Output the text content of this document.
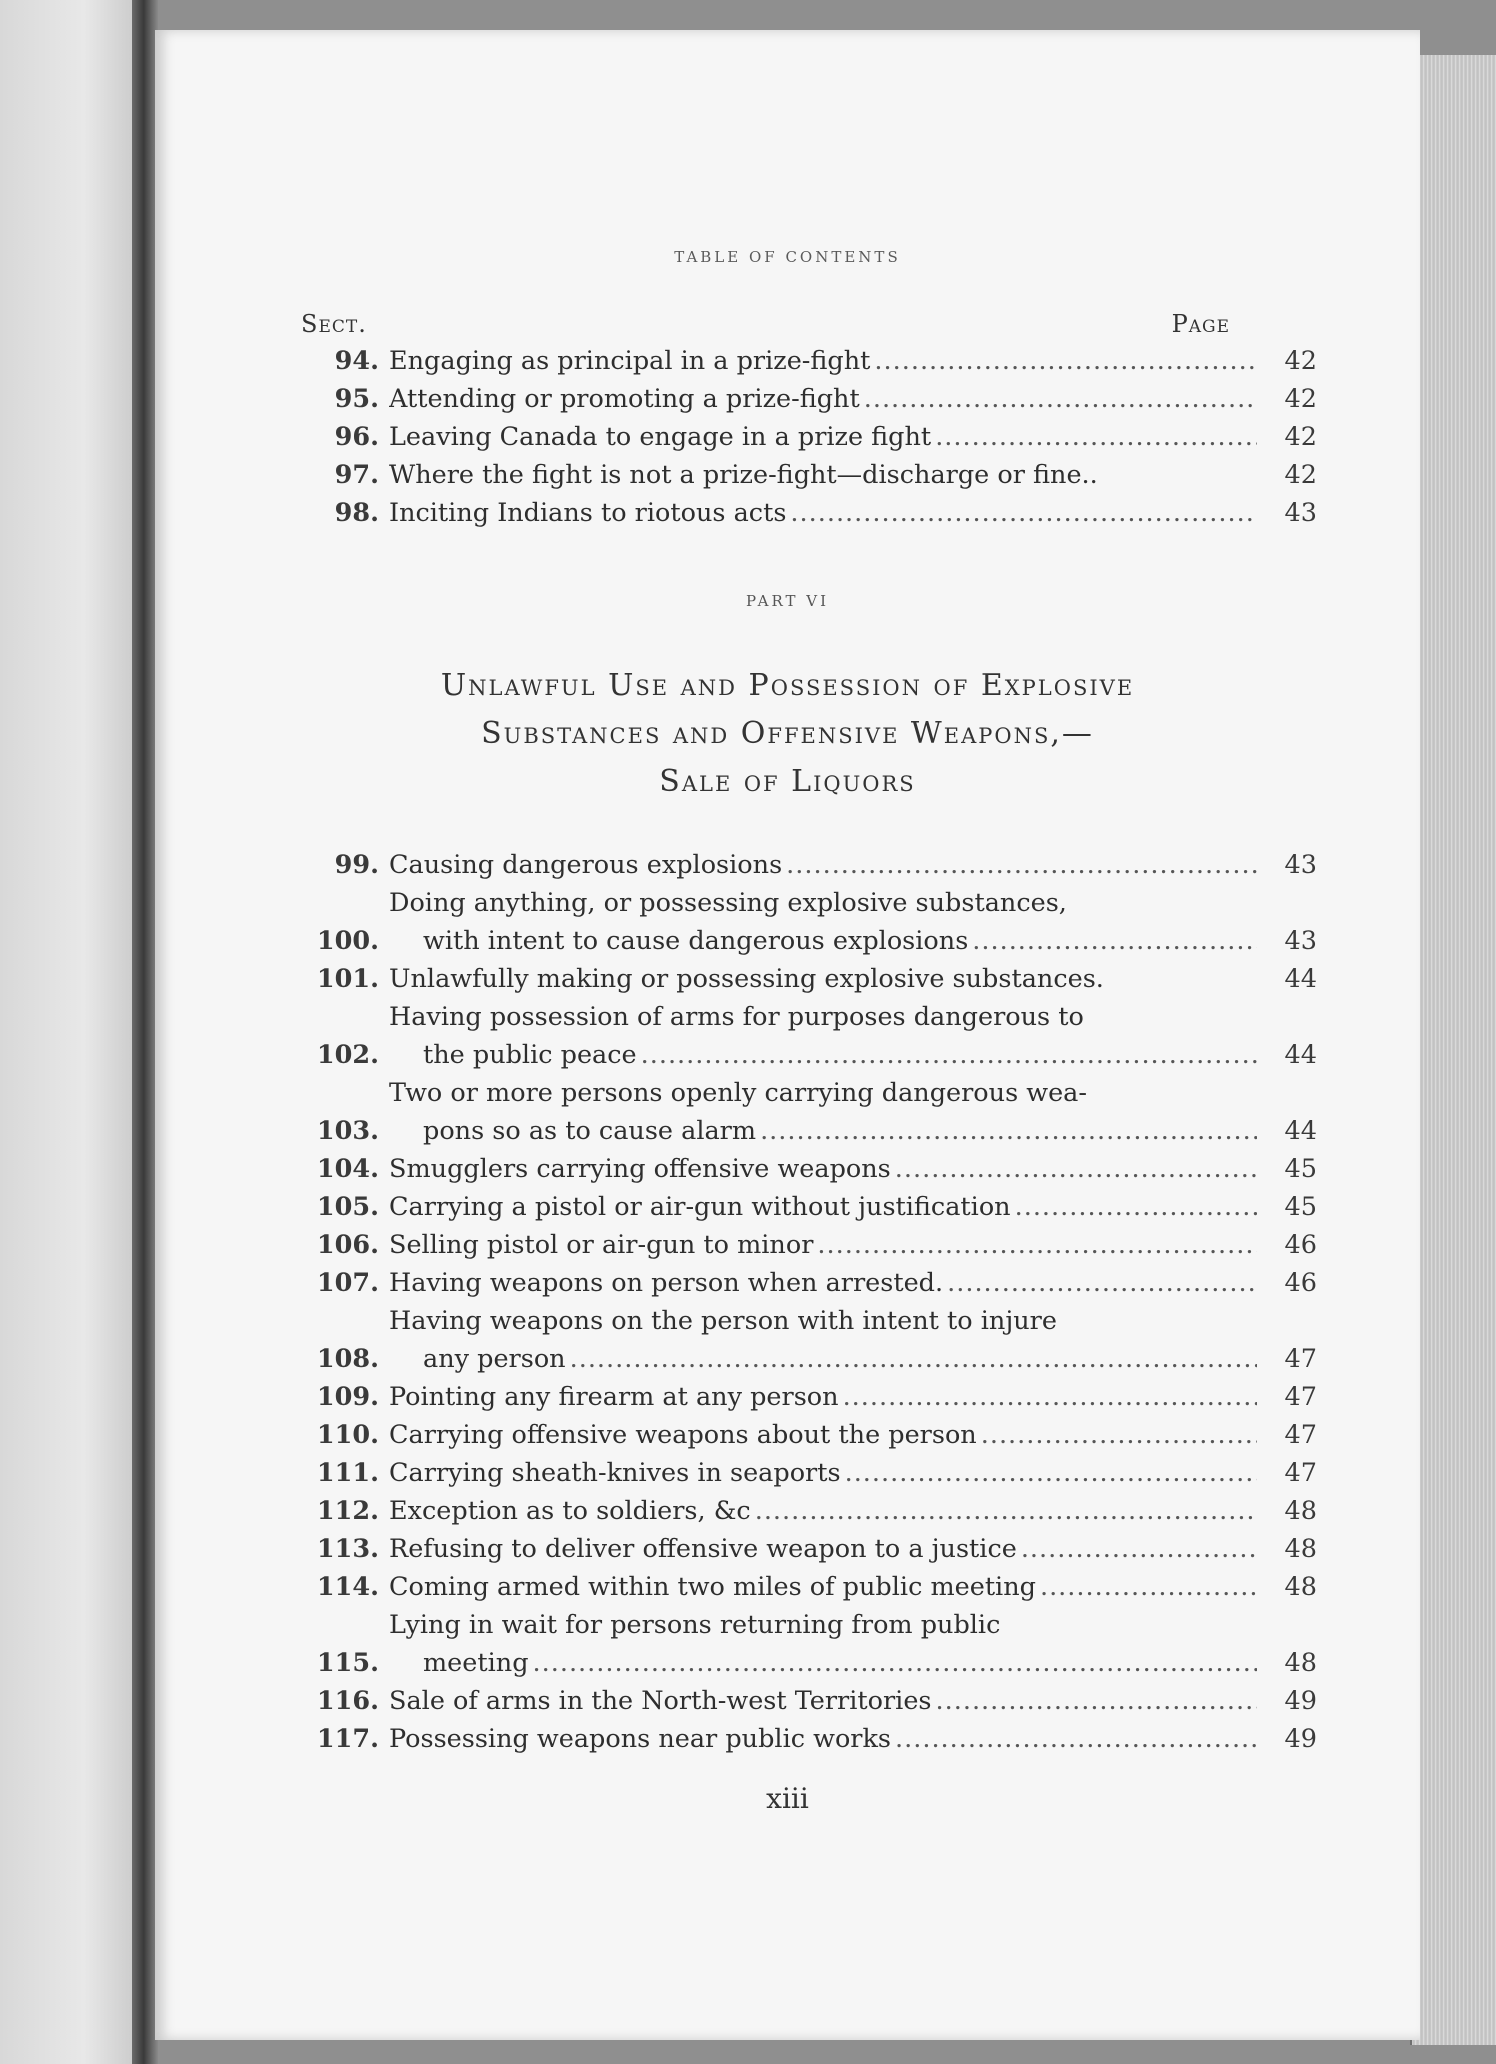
TABLE OF CONTENTS
Sect.	Page
94. Engaging as principal in a prize-fight .....	42
95. Attending or promoting a prize-fight .....	42
96. Leaving Canada to engage in a prize fight .....	42
97. Where the fight is not a prize-fight—discharge or fine..	42
98. Inciting Indians to riotous acts .....	43
PART VI
Unlawful Use and Possession of Explosive
Substances and Offensive Weapons,—
Sale of Liquors
99. Causing dangerous explosions .....	43
100.
Doing anything, or possessing explosive substances,
with intent to cause dangerous explosions .....	43
101. Unlawfully making or possessing explosive substances.	44
102.
Having possession of arms for purposes dangerous to
the public peace .....	44
103.
Two or more persons openly carrying dangerous wea-
pons so as to cause alarm .....	44
104. Smugglers carrying offensive weapons .....	45
105. Carrying a pistol or air-gun without justification .....	45
106. Selling pistol or air-gun to minor .....	46
107. Having weapons on person when arrested. .....	46
108.
Having weapons on the person with intent to injure
any person .....	47
109. Pointing any firearm at any person .....	47
110. Carrying offensive weapons about the person .....	47
111. Carrying sheath-knives in seaports .....	47
112. Exception as to soldiers, &c .....	48
113. Refusing to deliver offensive weapon to a justice .....	48
114. Coming armed within two miles of public meeting .....	48
115.
Lying in wait for persons returning from public
meeting .....	48
116. Sale of arms in the North-west Territories .....	49
117. Possessing weapons near public works .....	49
xiii
